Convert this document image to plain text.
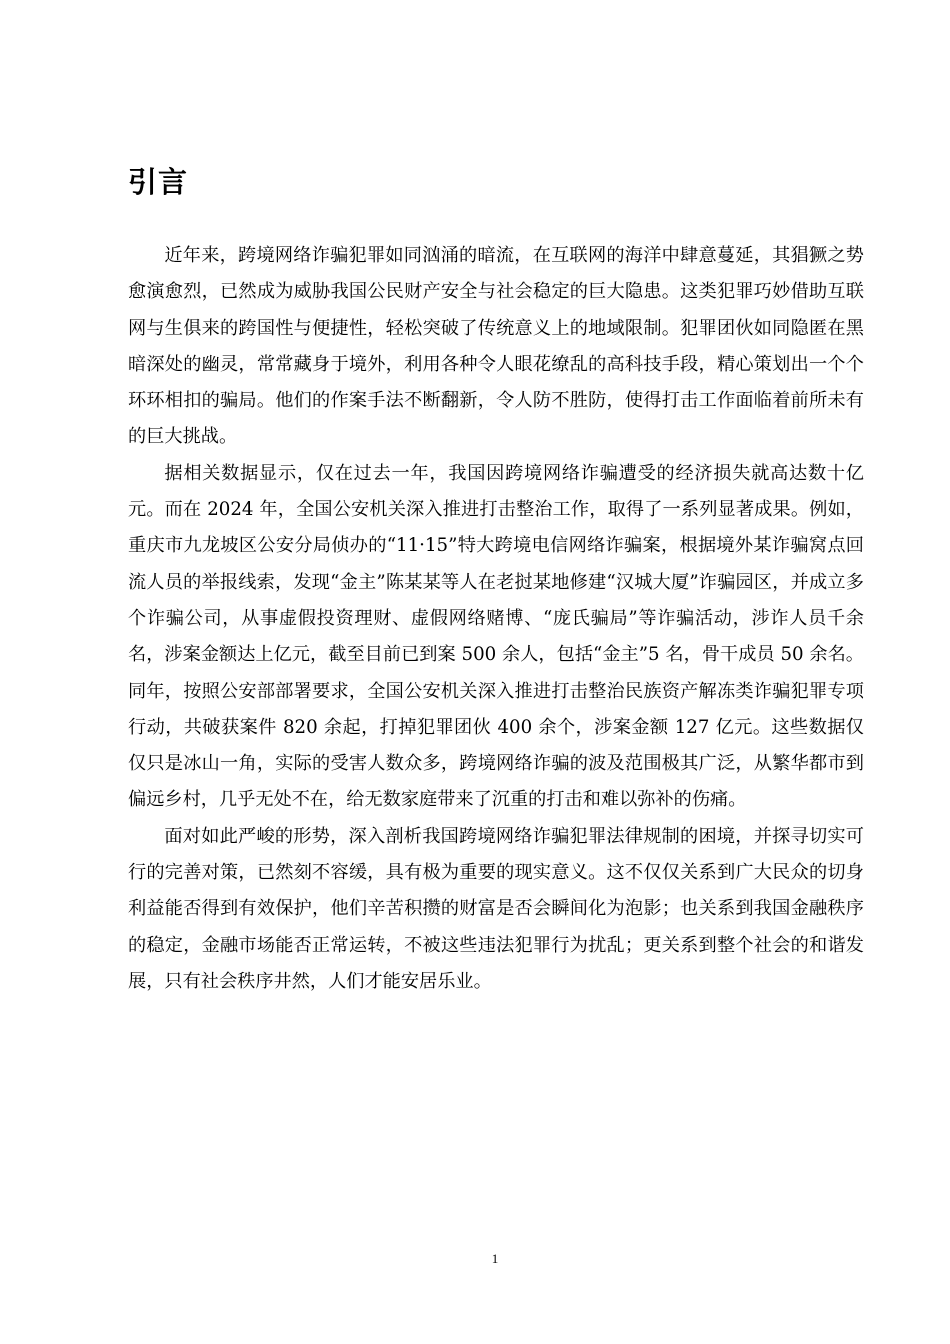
引言

近年来，跨境网络诈骗犯罪如同汹涌的暗流，在互联网的海洋中肆意蔓延，其猖獗之势愈演愈烈，已然成为威胁我国公民财产安全与社会稳定的巨大隐患。这类犯罪巧妙借助互联网与生俱来的跨国性与便捷性，轻松突破了传统意义上的地域限制。犯罪团伙如同隐匿在黑暗深处的幽灵，常常藏身于境外，利用各种令人眼花缭乱的高科技手段，精心策划出一个个环环相扣的骗局。他们的作案手法不断翻新，令人防不胜防，使得打击工作面临着前所未有的巨大挑战。

据相关数据显示，仅在过去一年，我国因跨境网络诈骗遭受的经济损失就高达数十亿元。而在 2024 年，全国公安机关深入推进打击整治工作，取得了一系列显著成果。例如，重庆市九龙坡区公安分局侦办的“11·15”特大跨境电信网络诈骗案，根据境外某诈骗窝点回流人员的举报线索，发现“金主”陈某某等人在老挝某地修建“汉城大厦”诈骗园区，并成立多个诈骗公司，从事虚假投资理财、虚假网络赌博、“庞氏骗局”等诈骗活动，涉诈人员千余名，涉案金额达上亿元，截至目前已到案 500 余人，包括“金主”5 名，骨干成员 50 余名。同年，按照公安部部署要求，全国公安机关深入推进打击整治民族资产解冻类诈骗犯罪专项行动，共破获案件 820 余起，打掉犯罪团伙 400 余个，涉案金额 127 亿元。这些数据仅仅只是冰山一角，实际的受害人数众多，跨境网络诈骗的波及范围极其广泛，从繁华都市到偏远乡村，几乎无处不在，给无数家庭带来了沉重的打击和难以弥补的伤痛。

面对如此严峻的形势，深入剖析我国跨境网络诈骗犯罪法律规制的困境，并探寻切实可行的完善对策，已然刻不容缓，具有极为重要的现实意义。这不仅仅关系到广大民众的切身利益能否得到有效保护，他们辛苦积攒的财富是否会瞬间化为泡影；也关系到我国金融秩序的稳定，金融市场能否正常运转，不被这些违法犯罪行为扰乱；更关系到整个社会的和谐发展，只有社会秩序井然，人们才能安居乐业。

1
